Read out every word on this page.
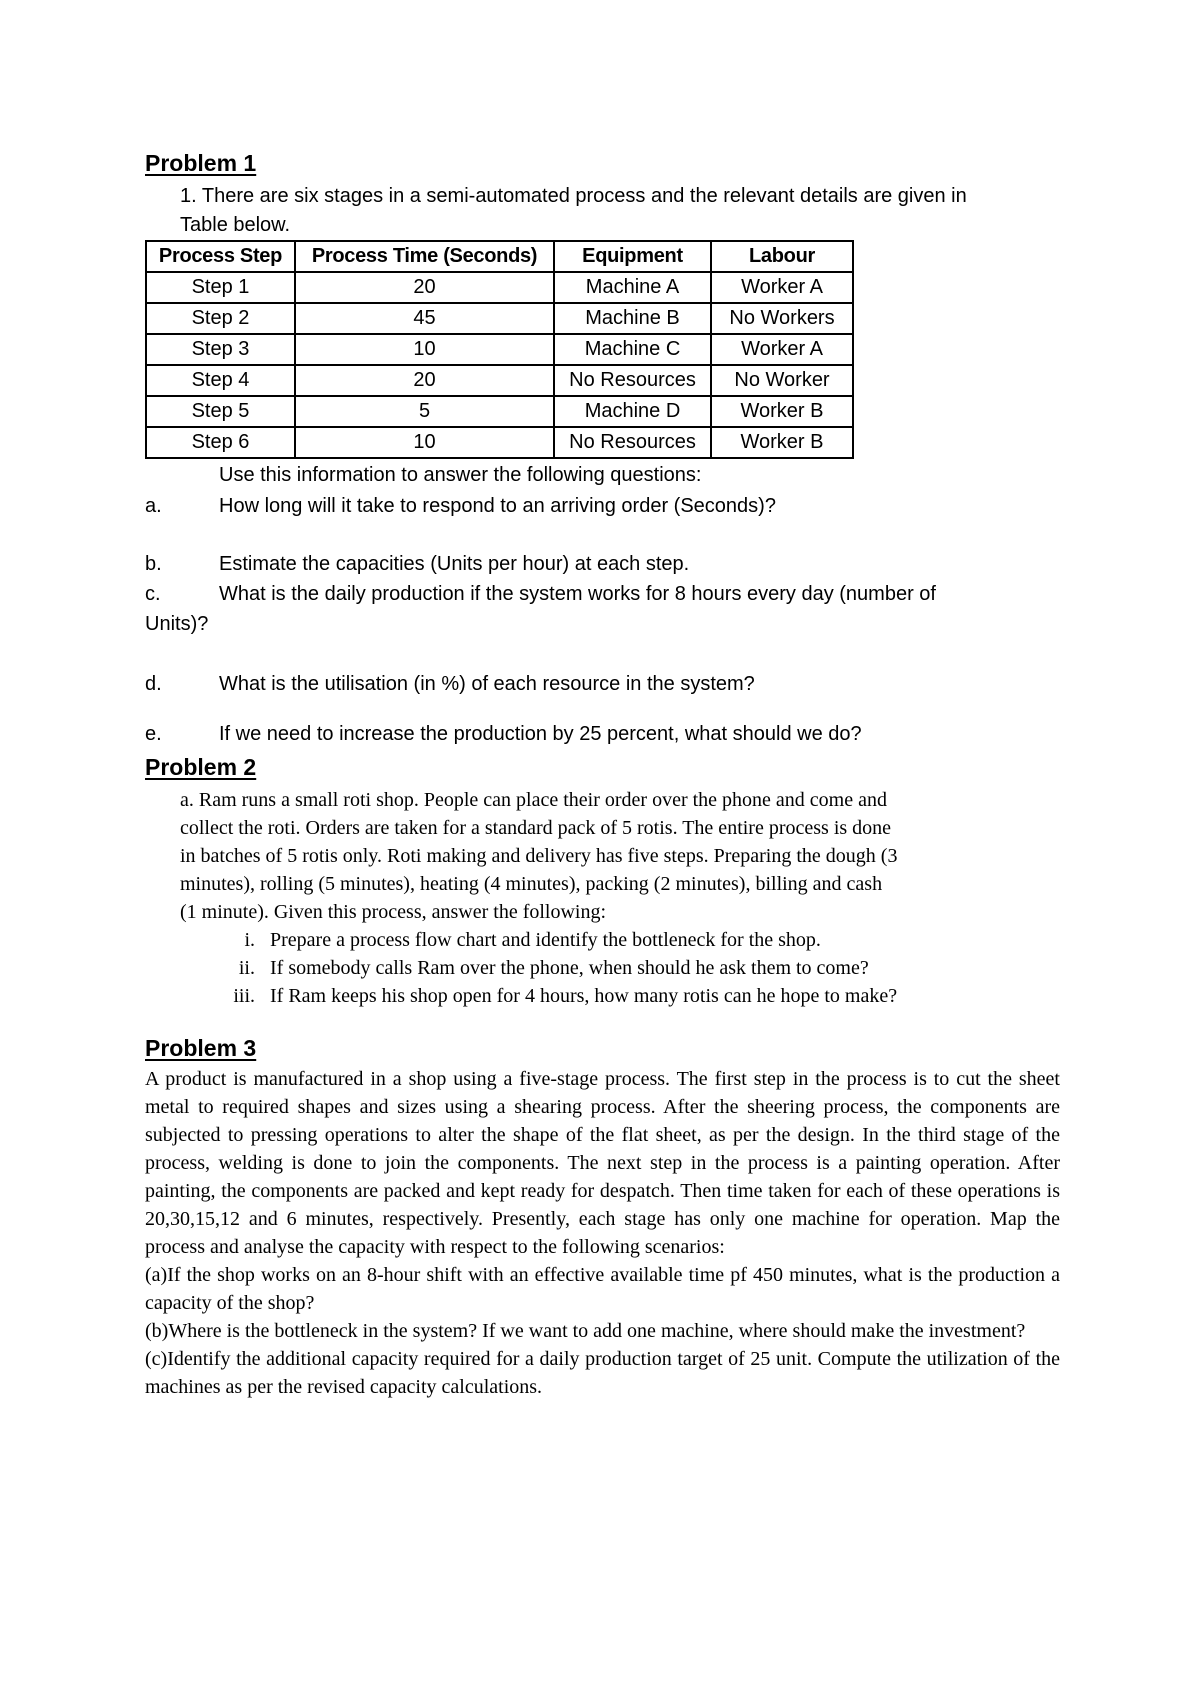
Problem 1
1. There are six stages in a semi-automated process and the relevant details are given in
Table below.
Process Step	Process Time (Seconds)	Equipment	Labour
Step 1	20	Machine A	Worker A
Step 2	45	Machine B	No Workers
Step 3	10	Machine C	Worker A
Step 4	20	No Resources	No Worker
Step 5	5	Machine D	Worker B
Step 6	10	No Resources	Worker B
Use this information to answer the following questions:
a.	How long will it take to respond to an arriving order (Seconds)?
b.	Estimate the capacities (Units per hour) at each step.
c.	What is the daily production if the system works for 8 hours every day (number of
Units)?
d.	What is the utilisation (in %) of each resource in the system?
e.	If we need to increase the production by 25 percent, what should we do?
Problem 2
a. Ram runs a small roti shop. People can place their order over the phone and come and
collect the roti. Orders are taken for a standard pack of 5 rotis. The entire process is done
in batches of 5 rotis only. Roti making and delivery has five steps. Preparing the dough (3
minutes), rolling (5 minutes), heating (4 minutes), packing (2 minutes), billing and cash
(1 minute). Given this process, answer the following:
i. Prepare a process flow chart and identify the bottleneck for the shop.
ii. If somebody calls Ram over the phone, when should he ask them to come?
iii. If Ram keeps his shop open for 4 hours, how many rotis can he hope to make?
Problem 3

A product is manufactured in a shop using a five-stage process. The first step in the process is to cut the sheet metal to required shapes and sizes using a shearing process. After the sheering process, the components are subjected to pressing operations to alter the shape of the flat sheet, as per the design. In the third stage of the process, welding is done to join the components. The next step in the process is a painting operation. After painting, the components are packed and kept ready for despatch. Then time taken for each of these operations is 20,30,15,12 and 6 minutes, respectively. Presently, each stage has only one machine for operation. Map the process and analyse the capacity with respect to the following scenarios:

(a)If the shop works on an 8-hour shift with an effective available time pf 450 minutes, what is the production a capacity of the shop?

(b)Where is the bottleneck in the system? If we want to add one machine, where should make the investment?

(c)Identify the additional capacity required for a daily production target of 25 unit. Compute the utilization of the machines as per the revised capacity calculations.
